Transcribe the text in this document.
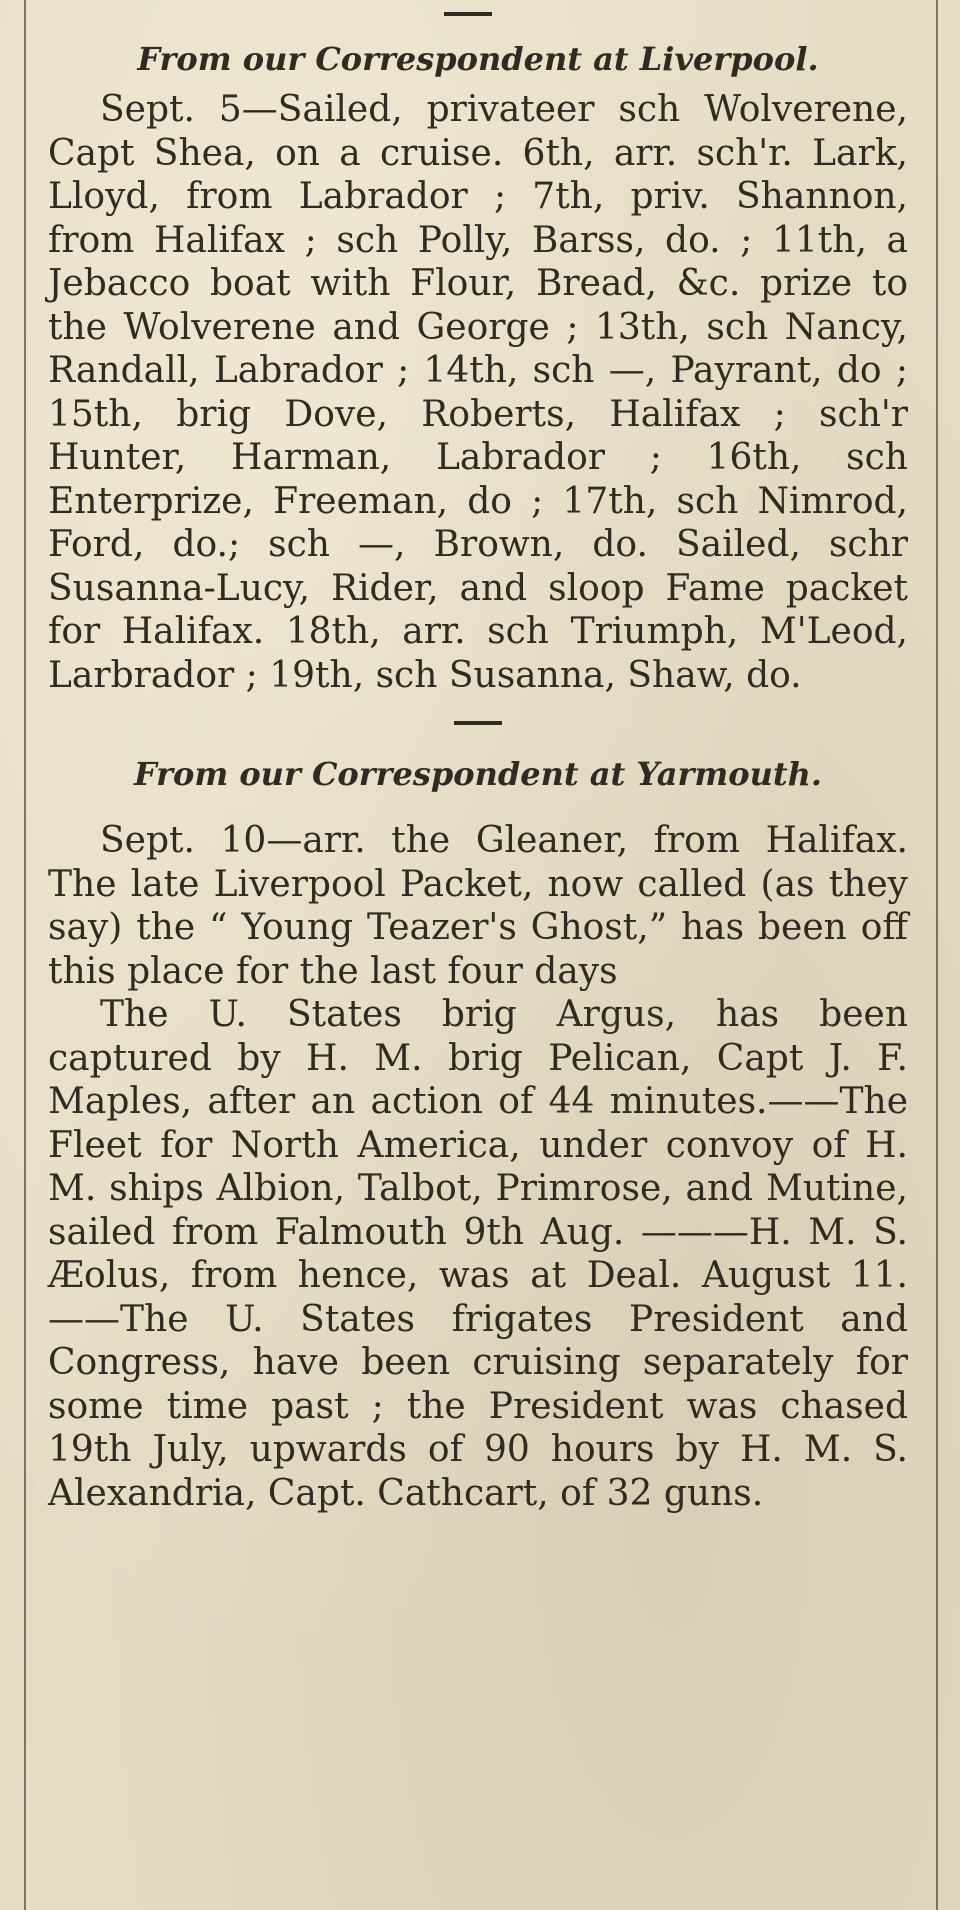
From our Correspondent at Liverpool.

Sept. 5—Sailed, privateer sch Wolverene, Capt Shea, on a cruise. 6th, arr. sch'r. Lark, Lloyd, from Labrador ; 7th, priv. Shannon, from Halifax ; sch Polly, Barss, do. ; 11th, a Jebacco boat with Flour, Bread, &c. prize to the Wolverene and George ; 13th, sch Nancy, Randall, Labrador ; 14th, sch —, Payrant, do ; 15th, brig Dove, Roberts, Halifax ; sch'r Hunter, Harman, Labrador ; 16th, sch Enterprize, Freeman, do ; 17th, sch Nimrod, Ford, do.; sch —, Brown, do. Sailed, schr Susanna-Lucy, Rider, and sloop Fame packet for Halifax. 18th, arr. sch Triumph, M'Leod, Larbrador ; 19th, sch Susanna, Shaw, do.

From our Correspondent at Yarmouth.

Sept. 10—arr. the Gleaner, from Halifax. The late Liverpool Packet, now called (as they say) the “ Young Teazer's Ghost,” has been off this place for the last four days

The U. States brig Argus, has been captured by H. M. brig Pelican, Capt J. F. Maples, after an action of 44 minutes.——The Fleet for North America, under convoy of H. M. ships Albion, Talbot, Primrose, and Mutine, sailed from Falmouth 9th Aug. ———H. M. S. Æolus, from hence, was at Deal. August 11.——The U. States frigates President and Congress, have been cruising separately for some time past ; the President was chased 19th July, upwards of 90 hours by H. M. S. Alexandria, Capt. Cathcart, of 32 guns.
